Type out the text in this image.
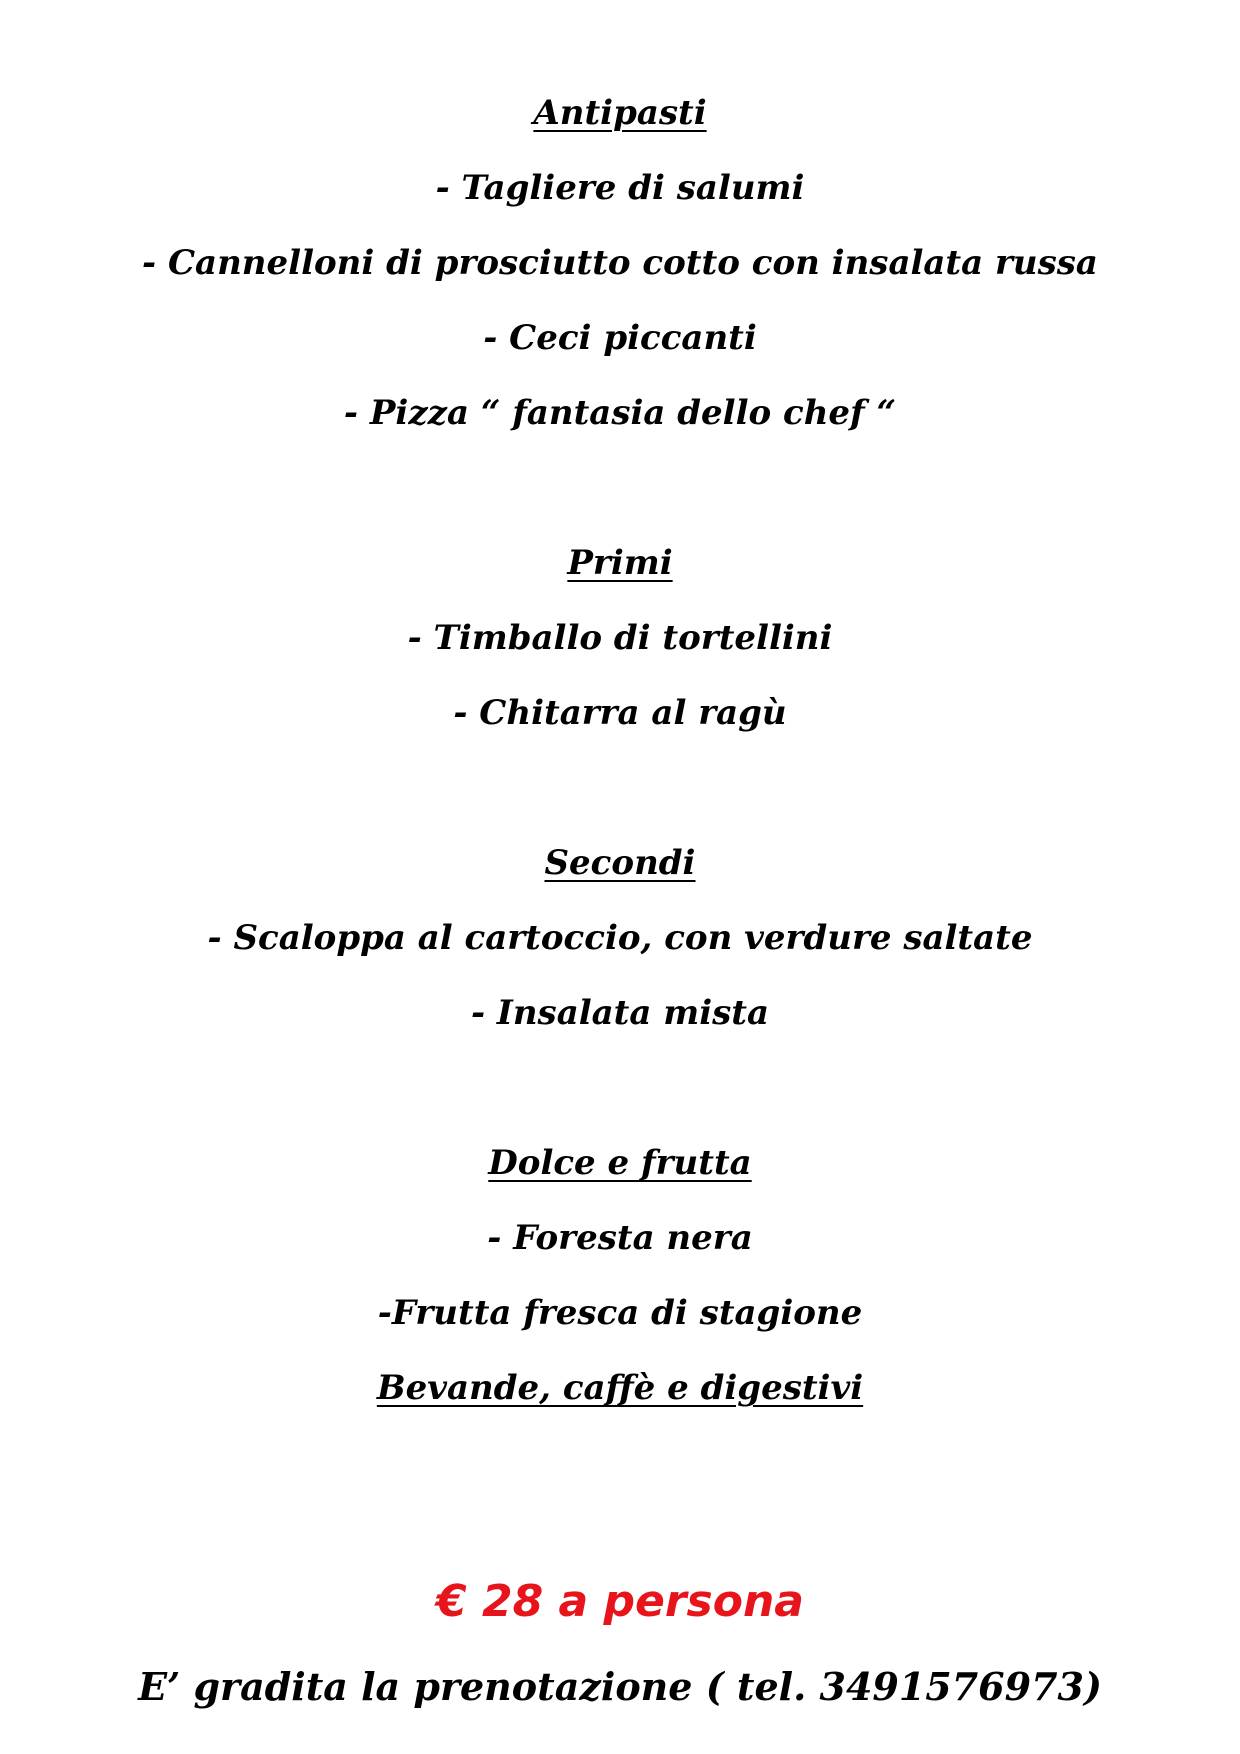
Antipasti
- Tagliere di salumi
- Cannelloni di prosciutto cotto con insalata russa
- Ceci piccanti
- Pizza “ fantasia dello chef “
Primi
- Timballo di tortellini
- Chitarra al ragù
Secondi
- Scaloppa al cartoccio, con verdure saltate
- Insalata mista
Dolce e frutta
- Foresta nera
-Frutta fresca di stagione
Bevande, caffè e digestivi
€ 28 a persona
E’ gradita la prenotazione ( tel. 3491576973)
